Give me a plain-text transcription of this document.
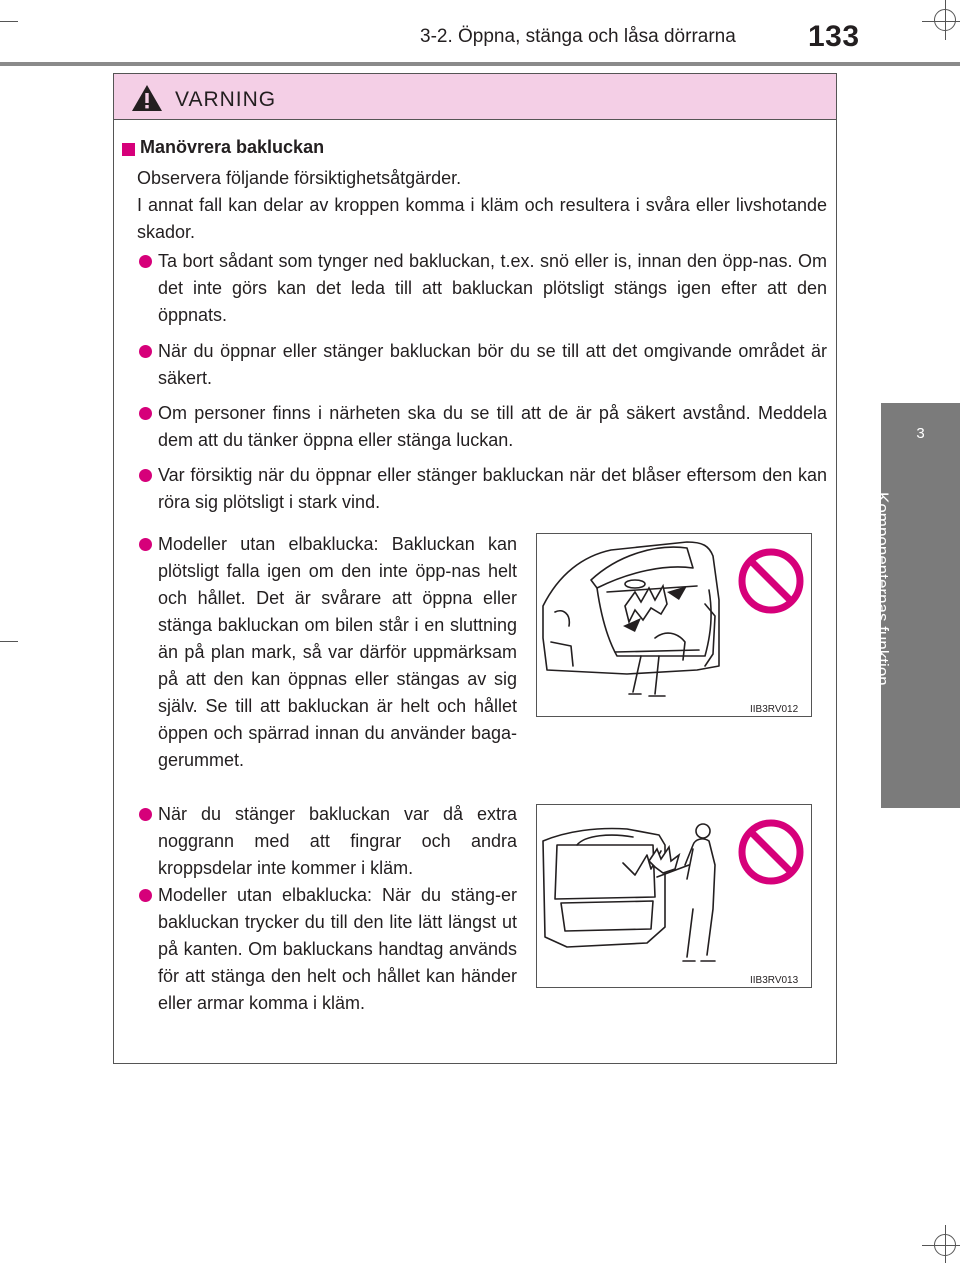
3-2. Öppna, stänga och låsa dörrarna 133
3
Komponenternas funktion
VARNING
Manövrera bakluckan
Observera följande försiktighetsåtgärder.
I annat fall kan delar av kroppen komma i kläm och resultera i svåra eller livshotande skador.
Ta bort sådant som tynger ned bakluckan, t.ex. snö eller is, innan den öpp-nas. Om det inte görs kan det leda till att bakluckan plötsligt stängs igen efter att den öppnats.
När du öppnar eller stänger bakluckan bör du se till att det omgivande området är säkert.
Om personer finns i närheten ska du se till att de är på säkert avstånd. Meddela dem att du tänker öppna eller stänga luckan.
Var försiktig när du öppnar eller stänger bakluckan när det blåser eftersom den kan röra sig plötsligt i stark vind.
Modeller utan elbaklucka: Bakluckan kan plötsligt falla igen om den inte öpp-nas helt och hållet. Det är svårare att öppna eller stänga bakluckan om bilen står i en sluttning än på plan mark, så var därför uppmärksam på att den kan öppnas eller stängas av sig själv. Se till att bakluckan är helt och hållet öppen och spärrad innan du använder baga-gerummet.
När du stänger bakluckan var då extra noggrann med att fingrar och andra kroppsdelar inte kommer i kläm.
Modeller utan elbaklucka: När du stäng-er bakluckan trycker du till den lite lätt längst ut på kanten. Om bakluckans handtag används för att stänga den helt och hållet kan händer eller armar komma i kläm.
IIB3RV012
IIB3RV013
